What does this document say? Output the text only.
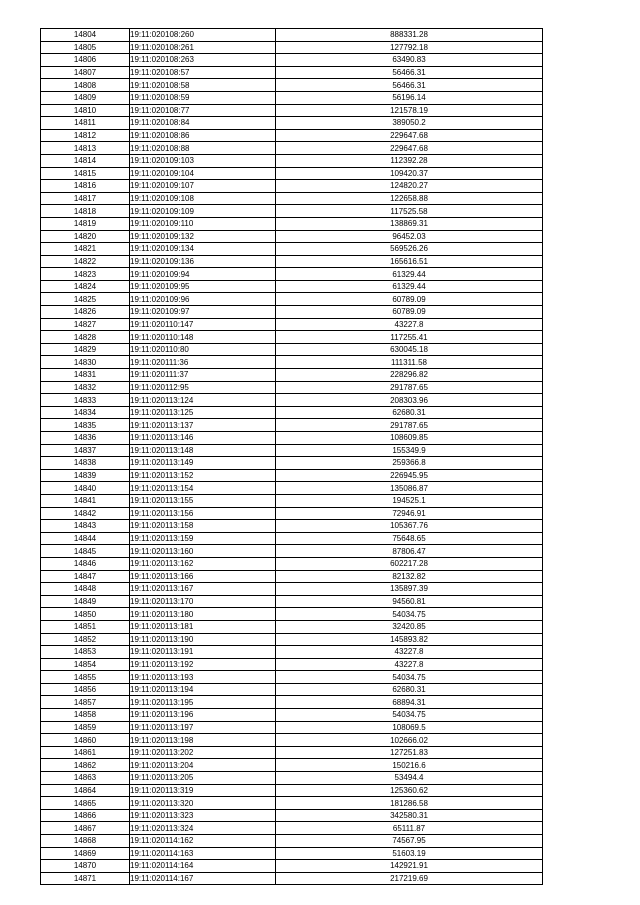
14804	19:11:020108:260	888331.28
14805	19:11:020108:261	127792.18
14806	19:11:020108:263	63490.83
14807	19:11:020108:57	56466.31
14808	19:11:020108:58	56466.31
14809	19:11:020108:59	56196.14
14810	19:11:020108:77	121578.19
14811	19:11:020108:84	389050.2
14812	19:11:020108:86	229647.68
14813	19:11:020108:88	229647.68
14814	19:11:020109:103	112392.28
14815	19:11:020109:104	109420.37
14816	19:11:020109:107	124820.27
14817	19:11:020109:108	122658.88
14818	19:11:020109:109	117525.58
14819	19:11:020109:110	138869.31
14820	19:11:020109:132	96452.03
14821	19:11:020109:134	569526.26
14822	19:11:020109:136	165616.51
14823	19:11:020109:94	61329.44
14824	19:11:020109:95	61329.44
14825	19:11:020109:96	60789.09
14826	19:11:020109:97	60789.09
14827	19:11:020110:147	43227.8
14828	19:11:020110:148	117255.41
14829	19:11:020110:80	630045.18
14830	19:11:020111:36	111311.58
14831	19:11:020111:37	228296.82
14832	19:11:020112:95	291787.65
14833	19:11:020113:124	208303.96
14834	19:11:020113:125	62680.31
14835	19:11:020113:137	291787.65
14836	19:11:020113:146	108609.85
14837	19:11:020113:148	155349.9
14838	19:11:020113:149	259366.8
14839	19:11:020113:152	226945.95
14840	19:11:020113:154	135086.87
14841	19:11:020113:155	194525.1
14842	19:11:020113:156	72946.91
14843	19:11:020113:158	105367.76
14844	19:11:020113:159	75648.65
14845	19:11:020113:160	87806.47
14846	19:11:020113:162	602217.28
14847	19:11:020113:166	82132.82
14848	19:11:020113:167	135897.39
14849	19:11:020113:170	94560.81
14850	19:11:020113:180	54034.75
14851	19:11:020113:181	32420.85
14852	19:11:020113:190	145893.82
14853	19:11:020113:191	43227.8
14854	19:11:020113:192	43227.8
14855	19:11:020113:193	54034.75
14856	19:11:020113:194	62680.31
14857	19:11:020113:195	68894.31
14858	19:11:020113:196	54034.75
14859	19:11:020113:197	108069.5
14860	19:11:020113:198	102666.02
14861	19:11:020113:202	127251.83
14862	19:11:020113:204	150216.6
14863	19:11:020113:205	53494.4
14864	19:11:020113:319	125360.62
14865	19:11:020113:320	181286.58
14866	19:11:020113:323	342580.31
14867	19:11:020113:324	65111.87
14868	19:11:020114:162	74567.95
14869	19:11:020114:163	51603.19
14870	19:11:020114:164	142921.91
14871	19:11:020114:167	217219.69
